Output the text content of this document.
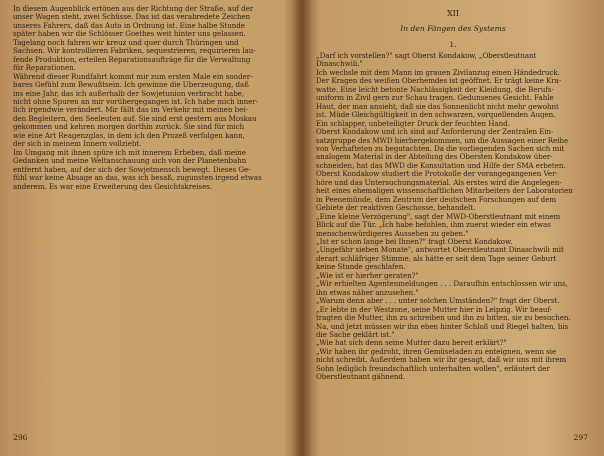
In diesem Augenblick ertönen aus der Richtung der Straße, auf der
unser Wagen steht, zwei Schüsse. Das ist das verabredete Zeichen
unseres Fahrers, daß das Auto in Ordnung ist. Eine halbe Stunde
später haben wir die Schlösser Goethes weit hinter uns gelassen.
Tagelang noch fahren wir kreuz und quer durch Thüringen und
Sachsen. Wir kontrollieren Fabriken, sequestrieren, requirieren lau-
fende Produktion, erteilen Reparationsaufträge für die Verwaltung
für Reparationen.
Während dieser Rundfahrt kommt mir zum ersten Male ein sonder-
bares Gefühl zum Bewußtsein. Ich gewinne die Überzeugung, daß
ins eine Jahr, das ich außerhalb der Sowjetunion verbracht habe,
nicht ohne Spuren an mir vorübergegangen ist. Ich habe mich inner-
lich irgendwie verändert. Mir fällt das im Verkehr mit meinen bei-
den Begleitern, den Seeleuten auf. Sie sind erst gestern aus Moskau
gekommen und kehren morgen dorthin zurück. Sie sind für mich
wie eine Art Reagenzglas, in dem ich den Prozeß verfolgen kann,
der sich in meinem Innern vollzieht.
Im Umgang mit ihnen spüre ich mit innerem Erbeben, daß meine
Gedanken und meine Weltanschauung sich von der Planetenbahn
entfernt haben, auf der sich der Sowjetmensch bewegt. Dieses Ge-
fühl war keine Absage an das, was ich besaß, zugunsten irgend etwas
anderem. Es war eine Erweiterung des Gesichtskreises.
296
XII
In den Fängen des Systems
1.
„Darf ich vorstellen?" sagt Oberst Kondakow, „Oberstleutnant
Dinaschwili."
Ich wechsle mit dem Mann im grauen Zivilanzug einen Händedruck.
Der Kragen des weißen Oberhemdes ist geöffnet. Er trägt keine Kra-
watte. Eine leicht betonte Nachlässigkeit der Kleidung, die Berufs-
uniform in Zivil gern zur Schau tragen. Gedunsenes Gesicht. Fahle
Haut, der man ansieht, daß sie das Sonnenlicht nicht mehr gewohnt
ist. Müde Gleichgültigkeit in den schwarzen, vorquellenden Augen.
Ein schlapper, unbeteiligter Druck der feuchten Hand.
Oberst Kondakow und ich sind auf Anforderung der Zentralen Ein-
satzgruppe des MWD hierhergekommen, um die Aussagen einer Reihe
von Verhafteten zu begutachten. Da die vorliegenden Sachen sich mit
analogem Material in der Abteilung des Obersten Kondakow über-
schneiden, hat das MWD die Konsultation und Hilfe der SMA erbeten.
Oberst Kondakow studiert die Protokolle der vorangegangenen Ver-
höre und das Untersuchungsmaterial. Als erstes wird die Angelegen-
heit eines ehemaligen wissenschaftlichen Mitarbeiters der Laboratorien
in Peenemünde, dem Zentrum der deutschen Forschungen auf dem
Gebiete der reaktiven Geschosse, behandelt.
„Eine kleine Verzögerung", sagt der MWD-Oberstleutnant mit einem
Blick auf die Tür. „Ich habe befohlen, ihm zuerst wieder ein etwas
menschenwürdigeres Aussehen zu geben."
„Ist er schon lange bei Ihnen?" fragt Oberst Kondakow.
„Ungefähr sieben Monate", antwortet Oberstleutnant Dinaschwili mit
derart schläfriger Stimme, als hätte er seit dem Tage seiner Geburt
keine Stunde geschlafen.
„Wie ist er hierher geraten?"
„Wir erhielten Agentenmeldungen . . . Daraufhin entschlossen wir uns,
ihn etwas näher anzusehen."
„Warum denn aber . . . unter solchen Umständen?" fragt der Oberst.
„Er lebte in der Westzone, seine Mutter hier in Leipzig. Wir beauf-
tragten die Mutter, ihn zu schreiben und ihn zu bitten, sie zu besuchen.
Na, und jetzt müssen wir ihn eben hinter Schloß und Riegel halten, bis
die Sache geklärt ist."
„Wie hat sich denn seine Mutter dazu bereit erklärt?"
„Wir haben ihr gedroht, ihren Gemüseladen zu enteignen, wenn sie
nicht schreibt. Außerdem haben wir ihr gesagt, daß wir uns mit ihrem
Sohn lediglich freundschaftlich unterhalten wollen", erläutert der
Oberstleutnant gähnend.
297
